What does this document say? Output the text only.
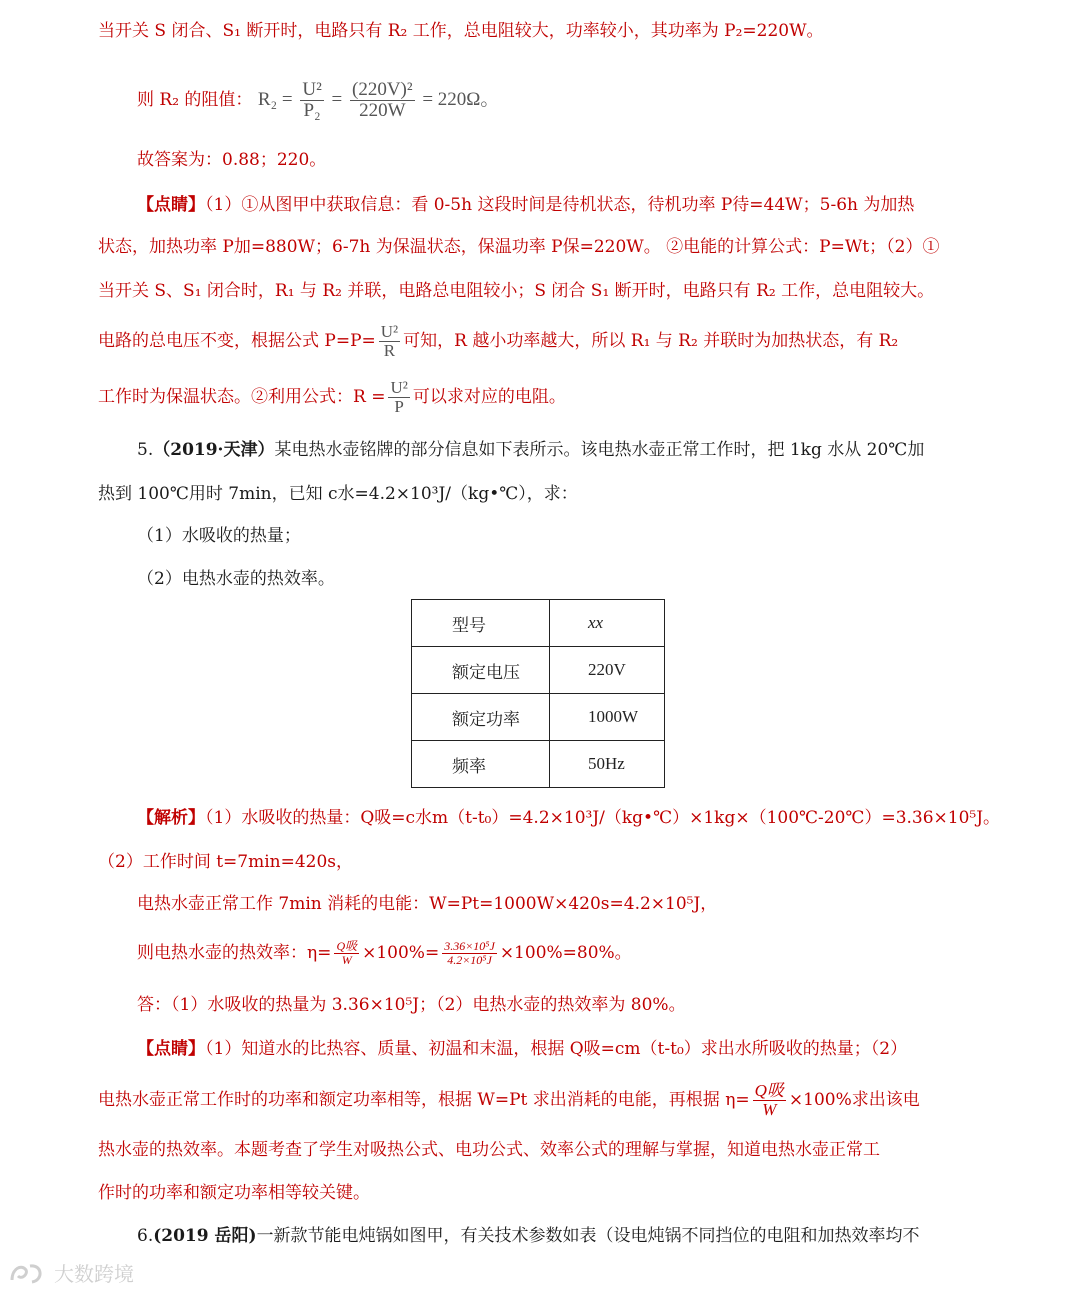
当开关 S 闭合、S₁ 断开时，电路只有 R₂ 工作，总电阻较大，功率较小，其功率为 P₂=220W。
则 R₂ 的阻值： $R_2 = \frac{\text{U²}}{\text{P₂}} = \frac{\text{(220V)²}}{220W} = 220\Omega$。
故答案为：0.88；220。
【点睛】（1）①从图甲中获取信息：看 0-5h 这段时间是待机状态，待机功率 P待=44W；5-6h 为加热
状态，加热功率 P加=880W；6-7h 为保温状态，保温功率 P保=220W。 ②电能的计算公式：P=Wt；（2）①
当开关 S、S₁ 闭合时，R₁ 与 R₂ 并联，电路总电阻较小；S 闭合 S₁ 断开时，电路只有 R₂ 工作，总电阻较大。
电路的总电压不变，根据公式 $P=P= \frac{\text{U²}}{R}$ 可知，R 越小功率越大，所以 R₁ 与 R₂ 并联时为加热状态，有 R₂
工作时为保温状态。②利用公式：$R = \frac{\text{U²}}{P}$ 可以求对应的电阻。
5.（2019·天津）某电热水壶铭牌的部分信息如下表所示。该电热水壶正常工作时，把 1kg 水从 20℃加
热到 100℃用时 7min，已知 c水=4.2×10³J/（kg•℃），求：
（1）水吸收的热量；
（2）电热水壶的热效率。
型号	xx
额定电压	220V
额定功率	1000W
频率	50Hz
【解析】（1）水吸收的热量：Q吸=c水m（t-t₀）=4.2×10³J/（kg•℃）×1kg×（100℃-20℃）=3.36×10⁵J。
（2）工作时间 t=7min=420s，
电热水壶正常工作 7min 消耗的电能：W=Pt=1000W×420s=4.2×10⁵J，
则电热水壶的热效率：$\eta= \frac{\text{Q吸}}{W} \times 100\%= \frac{\text{3.36×10⁵J}}{\text{4.2×10⁵J}} \times 100\%=80\%$。
答：（1）水吸收的热量为 3.36×10⁵J；（2）电热水壶的热效率为 80%。
【点睛】（1）知道水的比热容、质量、初温和末温，根据 Q吸=cm（t-t₀）求出水所吸收的热量；（2）
电热水壶正常工作时的功率和额定功率相等，根据 W=Pt 求出消耗的电能，再根据 $\eta= \frac{\text{Q吸}}{W} \times 100\%$求出该电
热水壶的热效率。本题考查了学生对吸热公式、电功公式、效率公式的理解与掌握，知道电热水壶正常工
作时的功率和额定功率相等较关键。
6.(2019 岳阳)一新款节能电炖锅如图甲，有关技术参数如表（设电炖锅不同挡位的电阻和加热效率均不
大数跨境
